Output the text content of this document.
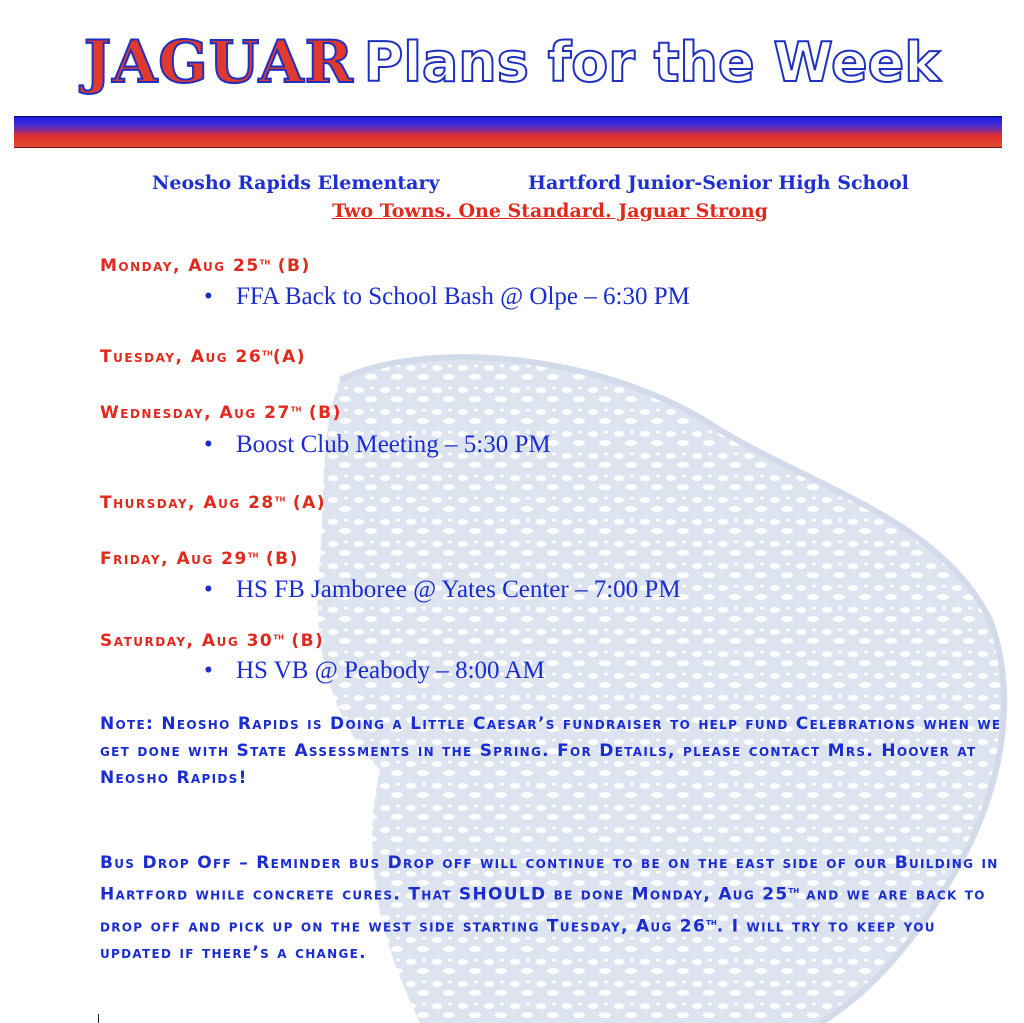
JAGUAR Plans for the Week
Neosho Rapids Elementary	Hartford Junior-Senior High School
Two Towns. One Standard. Jaguar Strong
Monday, Aug 25th (B)
• FFA Back to School Bash @ Olpe – 6:30 PM
Tuesday, Aug 26th(A)
Wednesday, Aug 27th (B)
• Boost Club Meeting – 5:30 PM
Thursday, Aug 28th (A)
Friday, Aug 29th (B)
• HS FB Jamboree @ Yates Center – 7:00 PM
Saturday, Aug 30th (B)
• HS VB @ Peabody – 8:00 AM
Note: Neosho Rapids is Doing a Little Caesar’s fundraiser to help fund Celebrations when we get done with State Assessments in the Spring. For Details, please contact Mrs. Hoover at Neosho Rapids!
Bus Drop Off – Reminder bus Drop off will continue to be on the east side of our Building in Hartford while concrete cures. That SHOULD be done Monday, Aug 25th and we are back to drop off and pick up on the west side starting Tuesday, Aug 26th. I will try to keep you updated if there’s a change.
